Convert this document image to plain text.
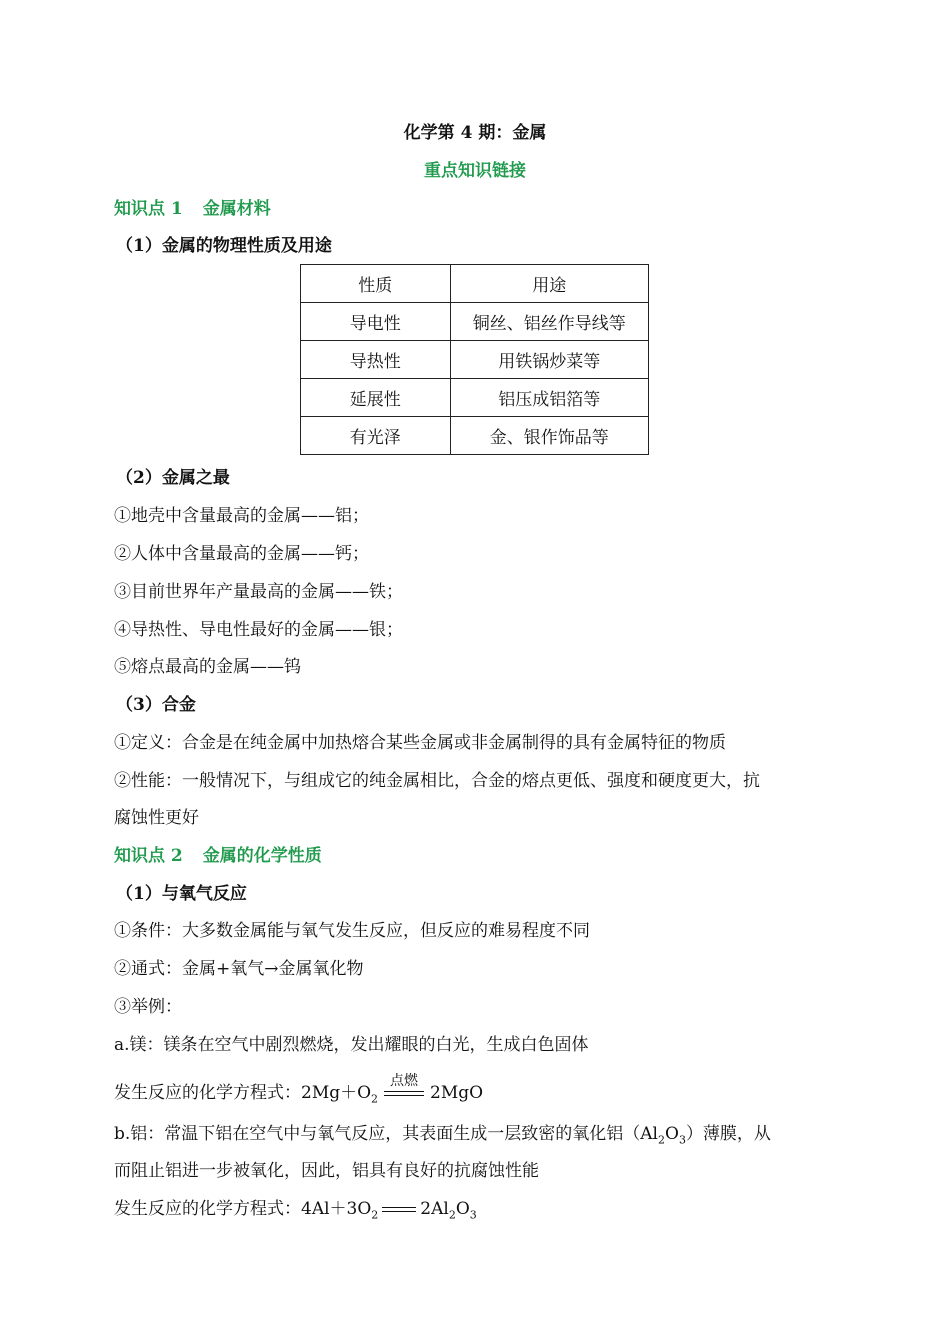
化学第 4 期：金属
重点知识链接
知识点 1 金属材料
（1）金属的物理性质及用途
性质	用途
导电性	铜丝、铝丝作导线等
导热性	用铁锅炒菜等
延展性	铝压成铝箔等
有光泽	金、银作饰品等
（2）金属之最
①地壳中含量最高的金属——铝；
②人体中含量最高的金属——钙；
③目前世界年产量最高的金属——铁；
④导热性、导电性最好的金属——银；
⑤熔点最高的金属——钨
（3）合金
①定义：合金是在纯金属中加热熔合某些金属或非金属制得的具有金属特征的物质
②性能：一般情况下，与组成它的纯金属相比，合金的熔点更低、强度和硬度更大，抗
腐蚀性更好
知识点 2 金属的化学性质
（1）与氧气反应
①条件：大多数金属能与氧气发生反应，但反应的难易程度不同
②通式：金属+氧气→金属氧化物
③举例：
a.镁：镁条在空气中剧烈燃烧，发出耀眼的白光，生成白色固体
发生反应的化学方程式：$2Mg+O_2$
点燃
2MgO
b.铝：常温下铝在空气中与氧气反应，其表面生成一层致密的氧化铝$(Al_2O_3)$薄膜，从
而阻止铝进一步被氧化，因此，铝具有良好的抗腐蚀性能
发生反应的化学方程式：$4Al+3O_2$ $2Al_2O_3$
